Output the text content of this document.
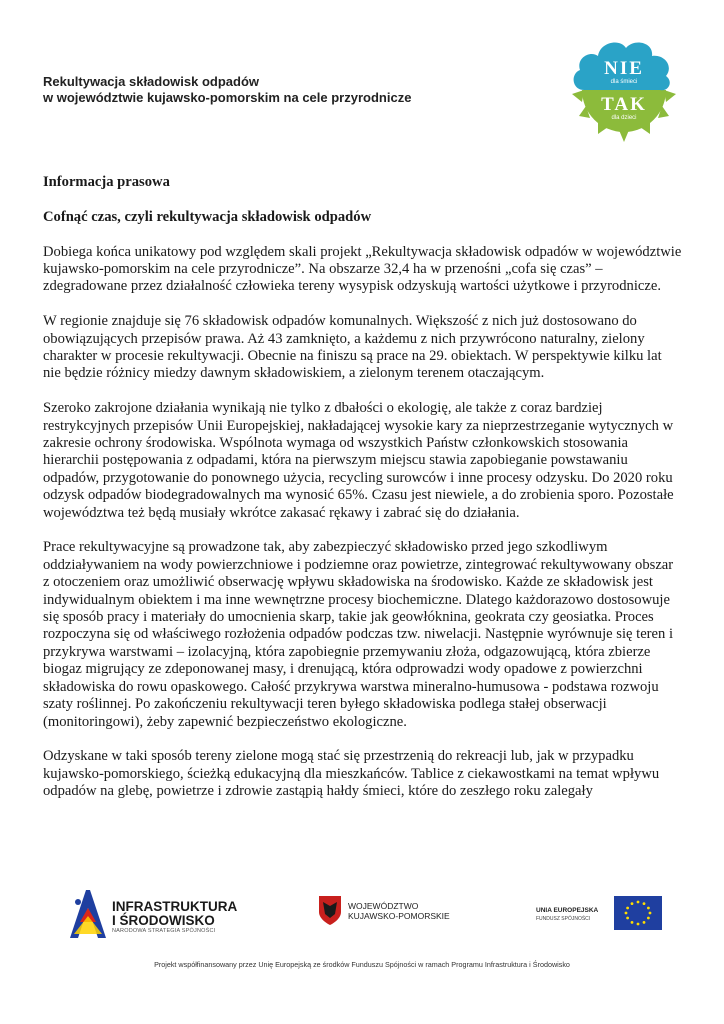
Rekultywacja składowisk odpadów
w województwie kujawsko-pomorskim na cele przyrodnicze
NIE
dla śmieci
TAK
dla dzieci
Informacja prasowa
Cofnąć czas, czyli rekultywacja składowisk odpadów

Dobiega końca unikatowy pod względem skali projekt „Rekultywacja składowisk odpadów w województwie kujawsko-pomorskim na cele przyrodnicze”. Na obszarze 32,4 ha w przenośni „cofa się czas” – zdegradowane przez działalność człowieka tereny wysypisk odzyskują wartości użytkowe i przyrodnicze.

W regionie znajduje się 76 składowisk odpadów komunalnych. Większość z nich już dostosowano do obowiązujących przepisów prawa. Aż 43 zamknięto, a każdemu z nich przywrócono naturalny, zielony charakter w procesie rekultywacji. Obecnie na finiszu są prace na 29. obiektach. W perspektywie kilku lat nie będzie różnicy miedzy dawnym składowiskiem, a zielonym terenem otaczającym.

Szeroko zakrojone działania wynikają nie tylko z dbałości o ekologię, ale także z coraz bardziej restrykcyjnych przepisów Unii Europejskiej, nakładającej wysokie kary za nieprzestrzeganie wytycznych w zakresie ochrony środowiska. Wspólnota wymaga od wszystkich Państw członkowskich stosowania hierarchii postępowania z odpadami, która na pierwszym miejscu stawia zapobieganie powstawaniu odpadów, przygotowanie do ponownego użycia, recycling surowców i inne procesy odzysku. Do 2020 roku odzysk odpadów biodegradowalnych ma wynosić 65%. Czasu jest niewiele, a do zrobienia sporo. Pozostałe województwa też będą musiały wkrótce zakasać rękawy i zabrać się do działania.

Prace rekultywacyjne są prowadzone tak, aby zabezpieczyć składowisko przed jego szkodliwym oddziaływaniem na wody powierzchniowe i podziemne oraz powietrze, zintegrować rekultywowany obszar z otoczeniem oraz umożliwić obserwację wpływu składowiska na środowisko. Każde ze składowisk jest indywidualnym obiektem i ma inne wewnętrzne procesy biochemiczne. Dlatego każdorazowo dostosowuje się sposób pracy i materiały do umocnienia skarp, takie jak geowłóknina, geokrata czy geosiatka. Proces rozpoczyna się od właściwego rozłożenia odpadów podczas tzw. niwelacji. Następnie wyrównuje się teren i przykrywa warstwami – izolacyjną, która zapobiegnie przemywaniu złoża, odgazowującą, która zbierze biogaz migrujący ze zdeponowanej masy, i drenującą, która odprowadzi wody opadowe z powierzchni składowiska do rowu opaskowego. Całość przykrywa warstwa mineralno-humusowa - podstawa rozwoju szaty roślinnej. Po zakończeniu rekultywacji teren byłego składowiska podlega stałej obserwacji (monitoringowi), żeby zapewnić bezpieczeństwo ekologiczne.

Odzyskane w taki sposób tereny zielone mogą stać się przestrzenią do rekreacji lub, jak w przypadku kujawsko-pomorskiego, ścieżką edukacyjną dla mieszkańców. Tablice z ciekawostkami na temat wpływu odpadów na glebę, powietrze i zdrowie zastąpią hałdy śmieci, które do zeszłego roku zalegały

INFRASTRUKTURA
I ŚRODOWISKO
NARODOWA STRATEGIA SPÓJNOŚCI
WOJEWÓDZTWO
KUJAWSKO-POMORSKIE
UNIA EUROPEJSKA
FUNDUSZ SPÓJNOŚCI
Projekt współfinansowany przez Unię Europejską ze środków Funduszu Spójności w ramach Programu Infrastruktura i Środowisko
